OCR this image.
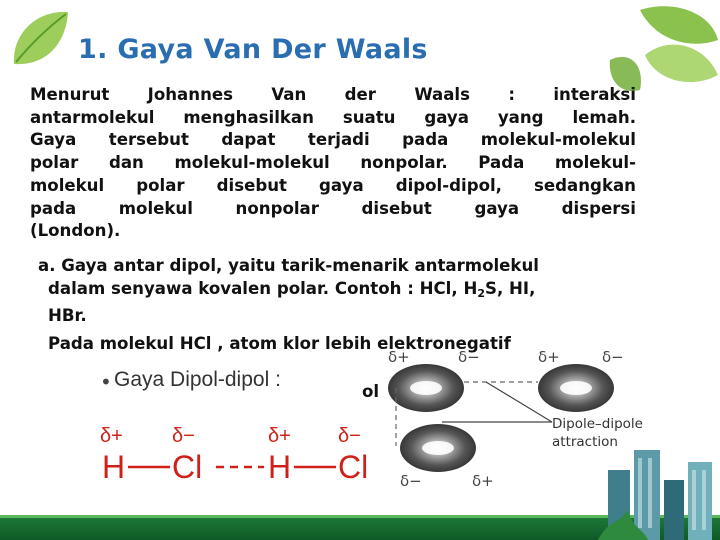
1. Gaya Van Der Waals
Menurut Johannes Van der Waals : interaksi
antarmolekul menghasilkan suatu gaya yang lemah.
Gaya tersebut dapat terjadi pada molekul-molekul
polar dan molekul-molekul nonpolar. Pada molekul-
molekul polar disebut gaya dipol-dipol, sedangkan
pada molekul nonpolar disebut gaya dispersi
(London).
a. Gaya antar dipol, yaitu tarik-menarik antarmolekul
dalam senyawa kovalen polar. Contoh : HCl, $H_2S$, HI,
HBr.
Pada molekul HCl , atom klor lebih elektronegatif
ol
• Gaya Dipol-dipol :
δ+ δ−	δ+ δ−
H Cl H Cl
δ+	δ−	δ+	δ−
δ−	δ+
Dipole–dipole
attraction
